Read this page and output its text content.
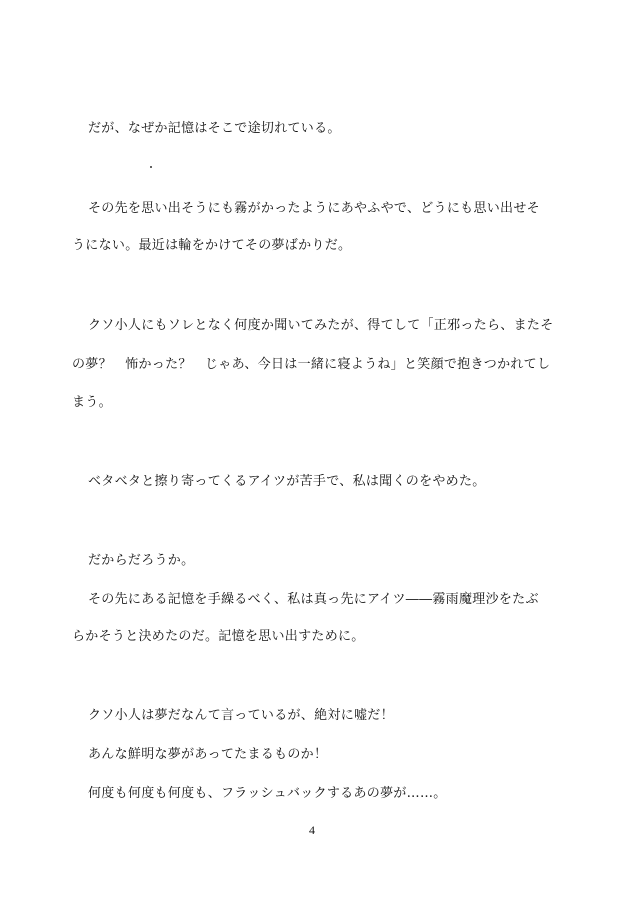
だが、なぜか記憶はそこで途切れている。
その先を思い出そうにも霧がかったようにあやふやで、どうにも思い出せそ
うにない。最近は輪をかけてその夢ばかりだ。
クソ小人にもソレとなく何度か聞いてみたが、得てして「正邪ったら、またそ
の夢？　怖かった？　じゃあ、今日は一緒に寝ようね」と笑顔で抱きつかれてし
まう。
ベタベタと擦り寄ってくるアイツが苦手で、私は聞くのをやめた。
だからだろうか。
その先にある記憶を手繰るべく、私は真っ先にアイツ――霧雨魔理沙をたぶ
らかそうと決めたのだ。記憶を思い出すために。
クソ小人は夢だなんて言っているが、絶対に嘘だ！
あんな鮮明な夢があってたまるものか！
何度も何度も何度も、フラッシュバックするあの夢が……。
4
